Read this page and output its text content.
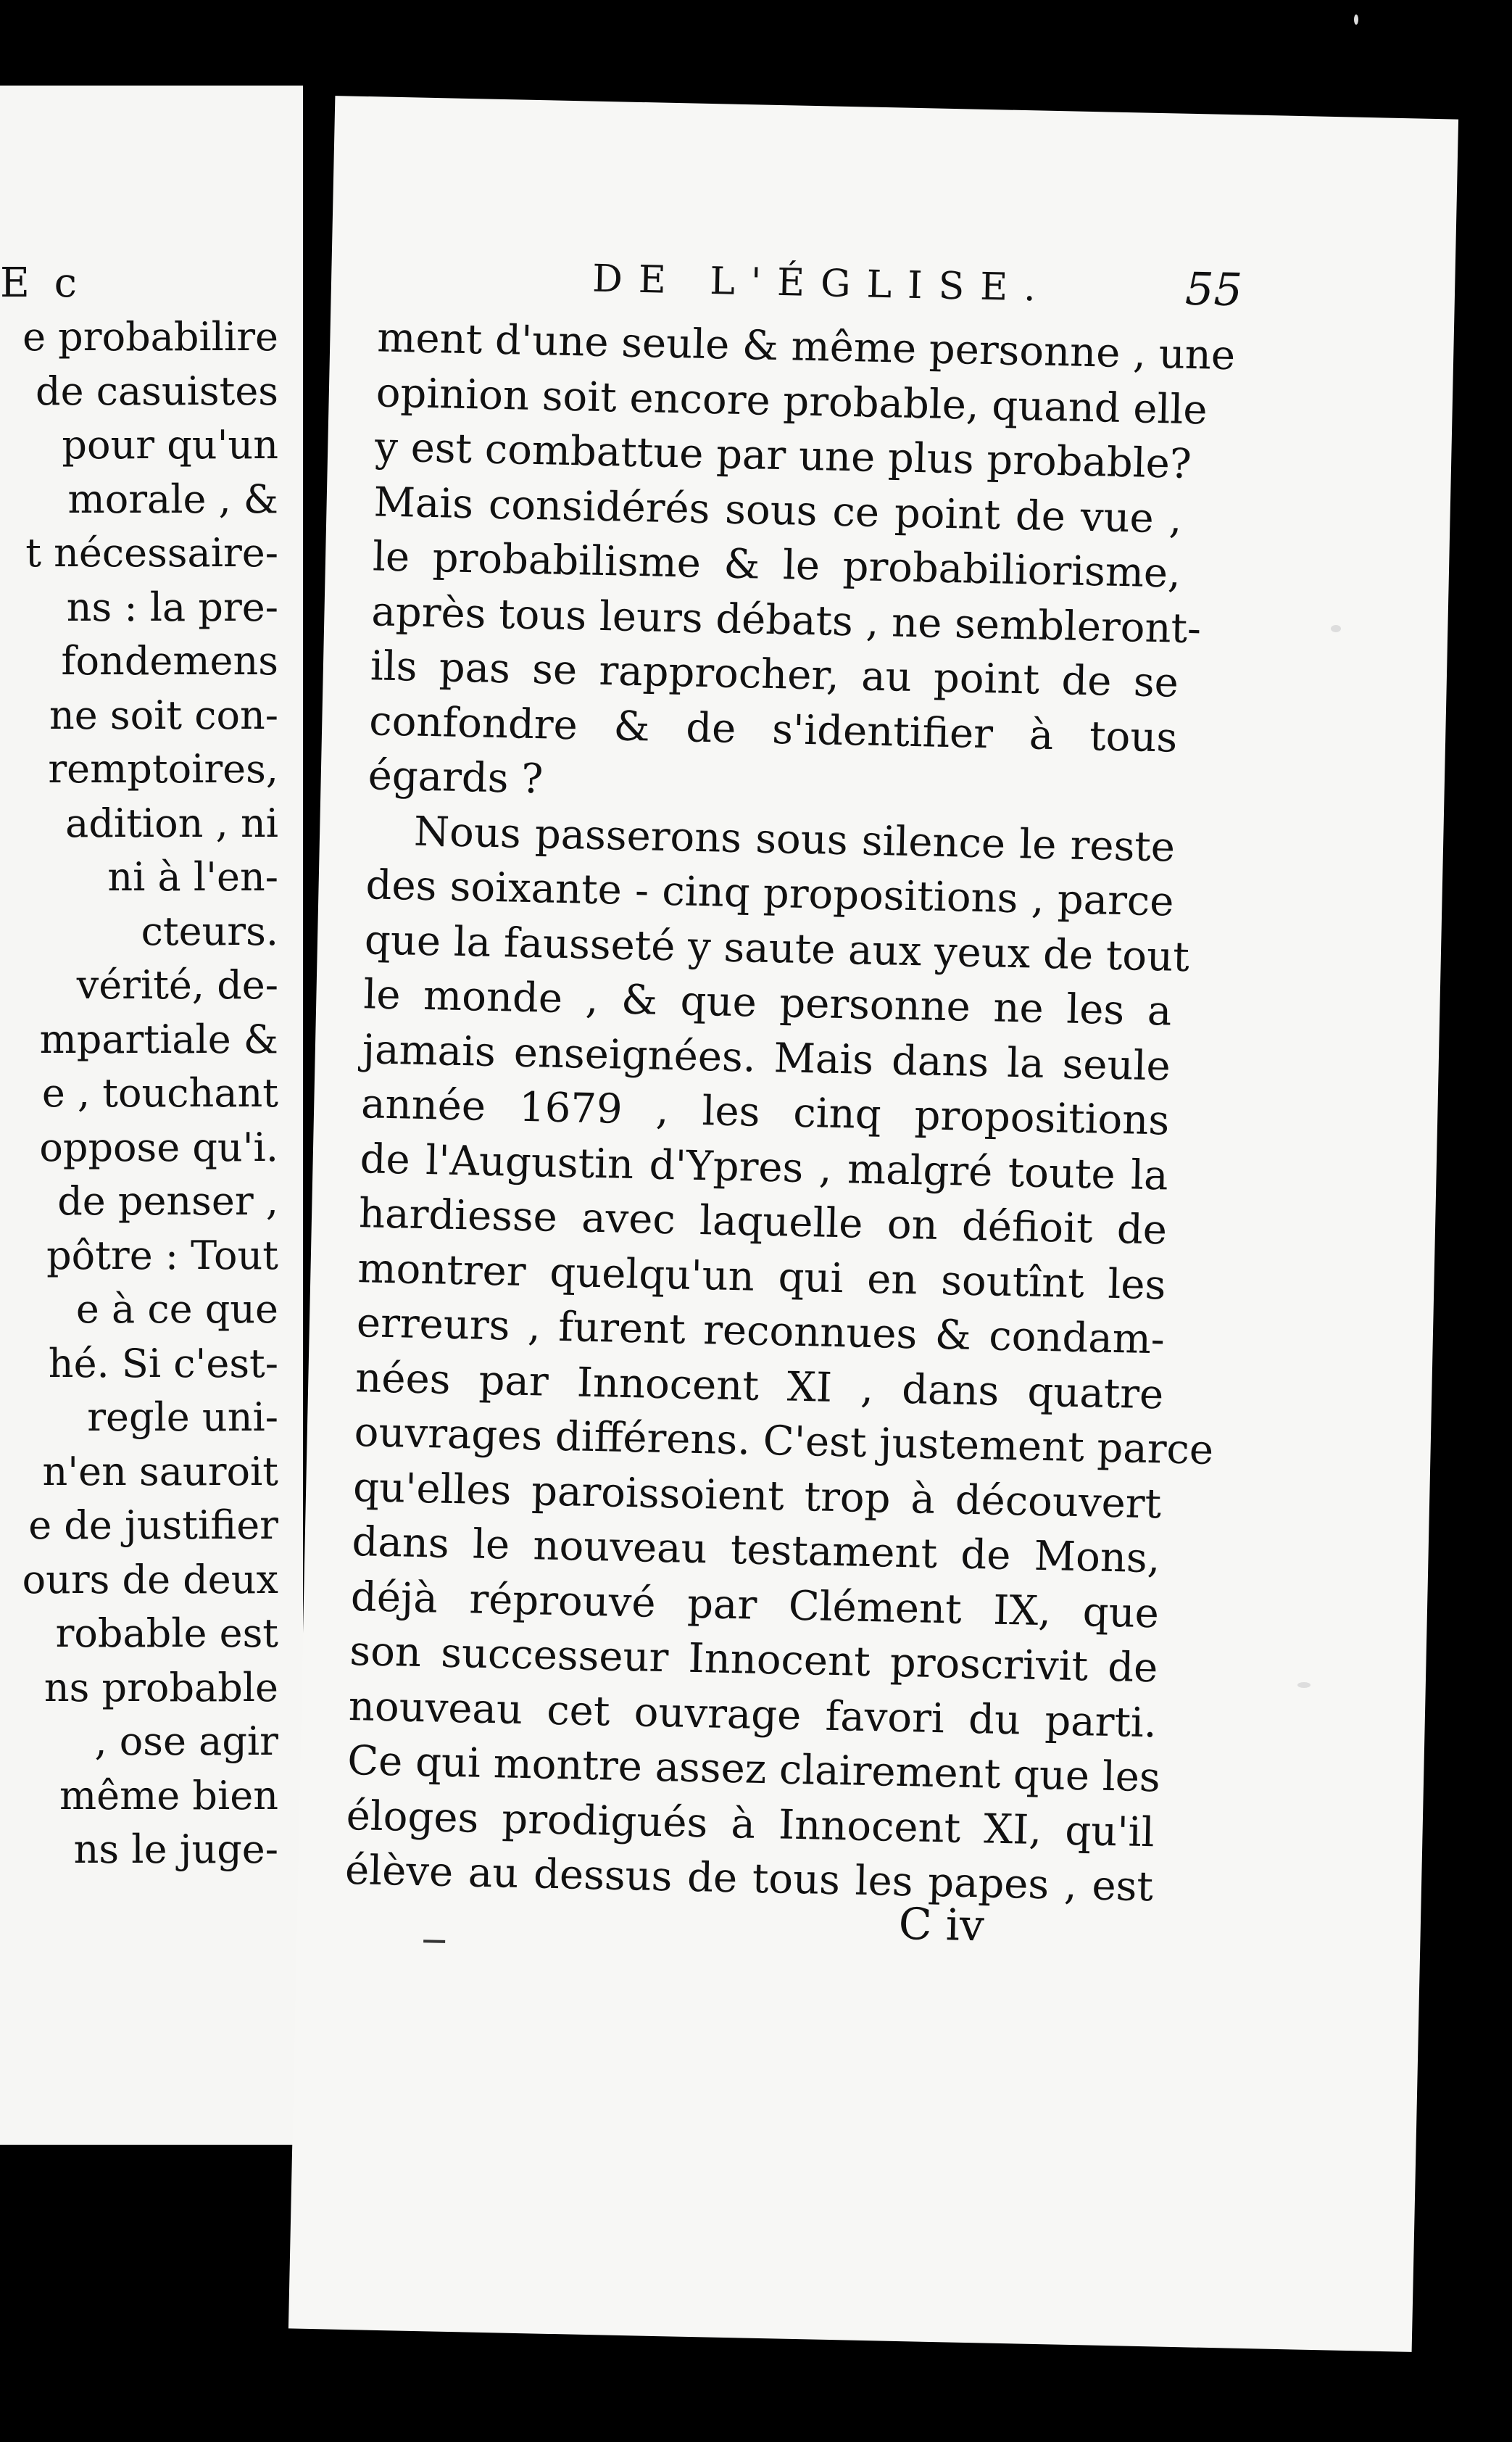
E c
e probabilire
de casuistes
pour qu'un
morale , &
t nécessaire-
ns : la pre-
fondemens
ne soit con-
remptoires,
adition , ni
ni à l'en-
cteurs.
vérité, de-
mpartiale &
e , touchant
oppose qu'i.
de penser ,
pôtre : Tout
e à ce que
hé. Si c'est-
regle uni-
n'en sauroit
e de justifier
ours de deux
robable est
ns probable
, ose agir
même bien
ns le juge-
DE L'ÉGLISE.	55
ment d'une seule & même personne , une
opinion soit encore probable, quand elle
y est combattue par une plus probable?
Mais considérés sous ce point de vue ,
le probabilisme & le probabiliorisme,
après tous leurs débats , ne sembleront-
ils pas se rapprocher, au point de se
confondre & de s'identifier à tous
égards ?
Nous passerons sous silence le reste
des soixante - cinq propositions , parce
que la fausseté y saute aux yeux de tout
le monde , & que personne ne les a
jamais enseignées. Mais dans la seule
année 1679 , les cinq propositions
de l'Augustin d'Ypres , malgré toute la
hardiesse avec laquelle on défioit de
montrer quelqu'un qui en soutînt les
erreurs , furent reconnues & condam-
nées par Innocent XI , dans quatre
ouvrages différens. C'est justement parce
qu'elles paroissoient trop à découvert
dans le nouveau testament de Mons,
déjà réprouvé par Clément IX, que
son successeur Innocent proscrivit de
nouveau cet ouvrage favori du parti.
Ce qui montre assez clairement que les
éloges prodigués à Innocent XI, qu'il
élève au dessus de tous les papes , est
C iv
